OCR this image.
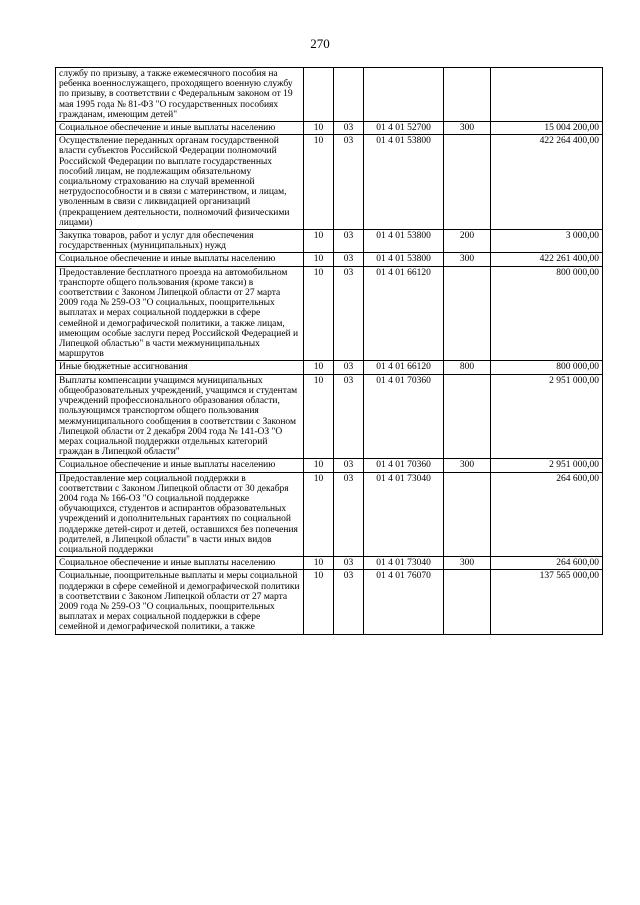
270
службу по призыву, а также ежемесячного пособия на ребенка военнослужащего, проходящего военную службу по призыву, в соответствии с Федеральным законом от 19 мая 1995 года № 81-ФЗ "О государственных пособиях гражданам, имеющим детей"					
Социальное обеспечение и иные выплаты населению	10	03	01 4 01 52700	300	15 004 200,00
Осуществление переданных органам государственной власти субъектов Российской Федерации полномочий Российской Федерации по выплате государственных пособий лицам, не подлежащим обязательному социальному страхованию на случай временной нетрудоспособности и в связи с материнством, и лицам, уволенным в связи с ликвидацией организаций (прекращением деятельности, полномочий физическими лицами)	10	03	01 4 01 53800		422 264 400,00
Закупка товаров, работ и услуг для обеспечения государственных (муниципальных) нужд	10	03	01 4 01 53800	200	3 000,00
Социальное обеспечение и иные выплаты населению	10	03	01 4 01 53800	300	422 261 400,00
Предоставление бесплатного проезда на автомобильном транспорте общего пользования (кроме такси) в соответствии с Законом Липецкой области от 27 марта 2009 года № 259-ОЗ "О социальных, поощрительных выплатах и мерах социальной поддержки в сфере семейной и демографической политики, а также лицам, имеющим особые заслуги перед Российской Федерацией и Липецкой областью" в части межмуниципальных маршрутов	10	03	01 4 01 66120		800 000,00
Иные бюджетные ассигнования	10	03	01 4 01 66120	800	800 000,00
Выплаты компенсации учащимся муниципальных общеобразовательных учреждений, учащимся и студентам учреждений профессионального образования области, пользующимся транспортом общего пользования межмуниципального сообщения в соответствии с Законом Липецкой области от 2 декабря 2004 года № 141-ОЗ "О мерах социальной поддержки отдельных категорий граждан в Липецкой области"	10	03	01 4 01 70360		2 951 000,00
Социальное обеспечение и иные выплаты населению	10	03	01 4 01 70360	300	2 951 000,00
Предоставление мер социальной поддержки в соответствии с Законом Липецкой области от 30 декабря 2004 года № 166-ОЗ "О социальной поддержке обучающихся, студентов и аспирантов образовательных учреждений и дополнительных гарантиях по социальной поддержке детей-сирот и детей, оставшихся без попечения родителей, в Липецкой области" в части иных видов социальной поддержки	10	03	01 4 01 73040		264 600,00
Социальное обеспечение и иные выплаты населению	10	03	01 4 01 73040	300	264 600,00
Социальные, поощрительные выплаты и меры социальной поддержки в сфере семейной и демографической политики в соответствии с Законом Липецкой области от 27 марта 2009 года № 259-ОЗ "О социальных, поощрительных выплатах и мерах социальной поддержки в сфере семейной и демографической политики, а также	10	03	01 4 01 76070		137 565 000,00
